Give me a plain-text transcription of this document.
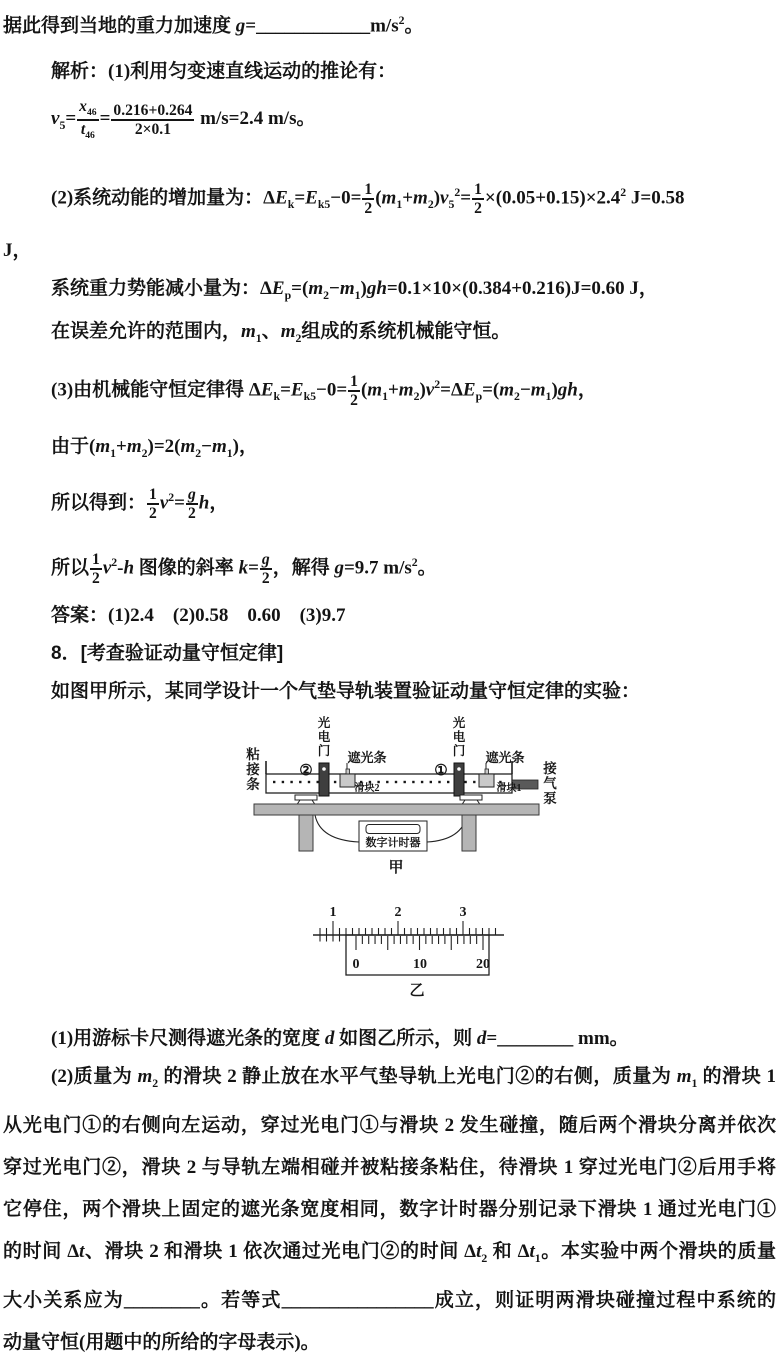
据此得到当地的重力加速度 $g=\_\_\_\_\_\_\_\_\_\_\_\_m/s^2$。
解析：(1)利用匀变速直线运动的推论有：
$v_5= \frac{x_{46}}{t_{46}} = \frac{0.216+0.264}{2\times 0.1} m/s=2.4$ m/s。
(2)系统动能的增加量为：$\Delta E_k=E_{k5}-0= \frac{1}{2} (m_1+m_2)v_5^2= \frac{1}{2} \times(0.05+0.15)\times 2.4^2$ J=0.58
J，
系统重力势能减小量为：$\Delta E_p=(m_2-m_1)gh=0.1\times 10\times(0.384+0.216)J=0.60$ J，
在误差允许的范围内，$m_1$、$m_2$组成的系统机械能守恒。
(3)由机械能守恒定律得 $\Delta E_k=E_{k5}-0= \frac{1}{2} (m_1+m_2)v^2=\Delta E_p=(m_2-m_1)gh$，
由于$(m_1+m_2)=2(m_2-m_1)$，
所以得到： $\frac{1}{2} v^2= \frac{g}{2}$ h，
所以 $\frac{1}{2} v^2-h$ 图像的斜率 $k= \frac{g}{2}$ ，解得 g=9.7 $m/s^2$。
答案：(1)2.4　(2)0.58　0.60　(3)9.7
8．[考查验证动量守恒定律]
如图甲所示，某同学设计一个气垫导轨装置验证动量守恒定律的实验：
数字计时器
粘接条
光电门
光电门
②	①
遮光条	遮光条
滑块2	滑块1
接气泵
甲
1	2	3
0	10	20
乙
(1)用游标卡尺测得遮光条的宽度 d 如图乙所示，则 d=________ mm。
(2)质量为 $m_2$ 的滑块 2 静止放在水平气垫导轨上光电门②的右侧，质量为 $m_1$ 的滑块 1
从光电门①的右侧向左运动，穿过光电门①与滑块 2 发生碰撞，随后两个滑块分离并依次
穿过光电门②，滑块 2 与导轨左端相碰并被粘接条粘住，待滑块 1 穿过光电门②后用手将
它停住，两个滑块上固定的遮光条宽度相同，数字计时器分别记录下滑块 1 通过光电门①
的时间 Δt、滑块 2 和滑块 1 依次通过光电门②的时间 $\Delta t_2$ 和 $\Delta t_1$。本实验中两个滑块的质量
大小关系应为________。若等式________________成立，则证明两滑块碰撞过程中系统的
动量守恒(用题中的所给的字母表示)。
